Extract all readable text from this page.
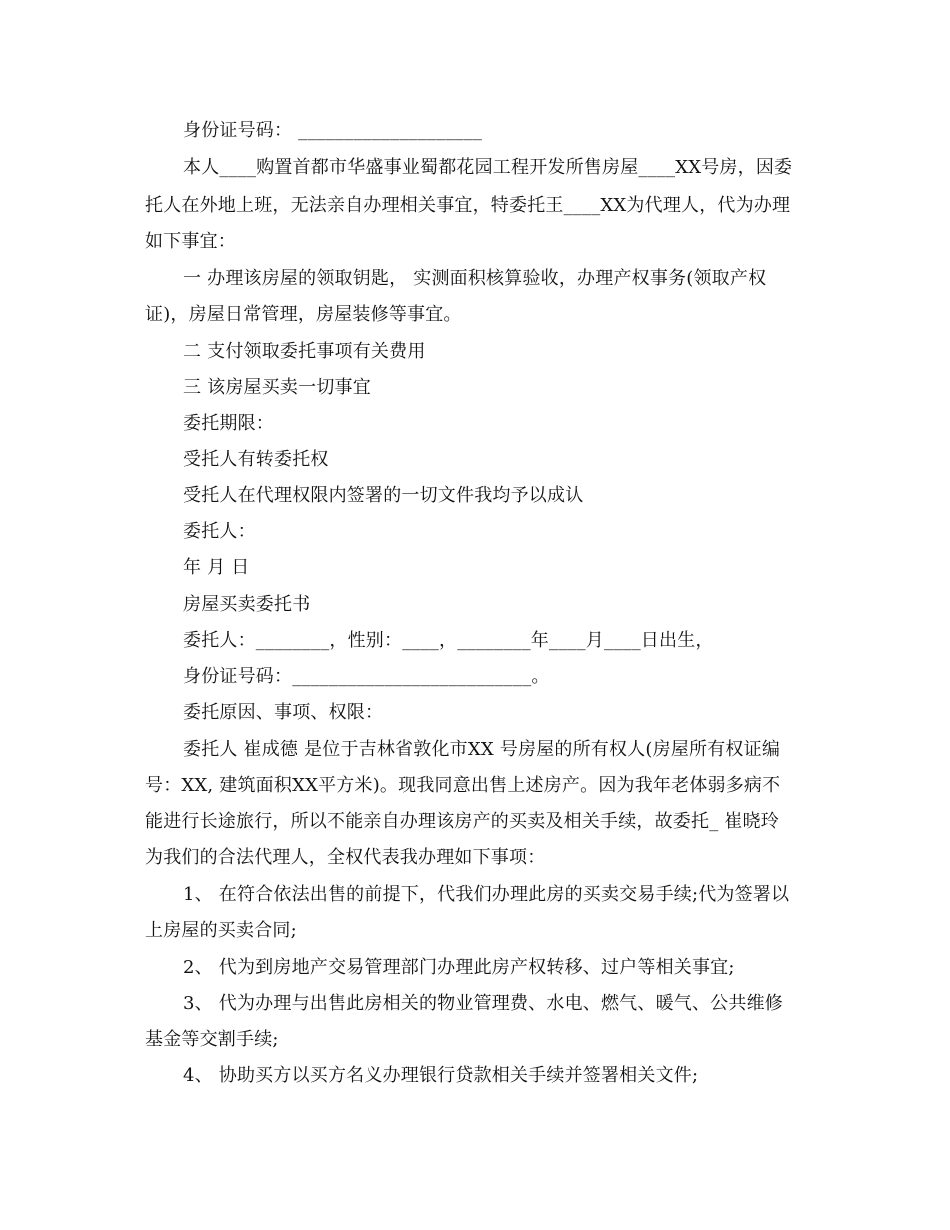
身份证号码： ____________________
本人____购置首都市华盛事业蜀都花园工程开发所售房屋____XX号房，因委
托人在外地上班，无法亲自办理相关事宜，特委托王____XX为代理人，代为办理
如下事宜：
一 办理该房屋的领取钥匙， 实测面积核算验收，办理产权事务(领取产权
证)，房屋日常管理，房屋装修等事宜。
二 支付领取委托事项有关费用
三 该房屋买卖一切事宜
委托期限：
受托人有转委托权
受托人在代理权限内签署的一切文件我均予以成认
委托人：
年 月 日
房屋买卖委托书
委托人：________，性别：____，________年____月____日出生，
身份证号码：__________________________。
委托原因、事项、权限：
委托人 崔成德 是位于吉林省敦化市XX 号房屋的所有权人(房屋所有权证编
号：XX, 建筑面积XX平方米)。现我同意出售上述房产。因为我年老体弱多病不
能进行长途旅行，所以不能亲自办理该房产的买卖及相关手续，故委托_ 崔晓玲
为我们的合法代理人，全权代表我办理如下事项：
1、 在符合依法出售的前提下，代我们办理此房的买卖交易手续;代为签署以
上房屋的买卖合同;
2、 代为到房地产交易管理部门办理此房产权转移、过户等相关事宜;
3、 代为办理与出售此房相关的物业管理费、水电、燃气、暖气、公共维修
基金等交割手续;
4、 协助买方以买方名义办理银行贷款相关手续并签署相关文件;
